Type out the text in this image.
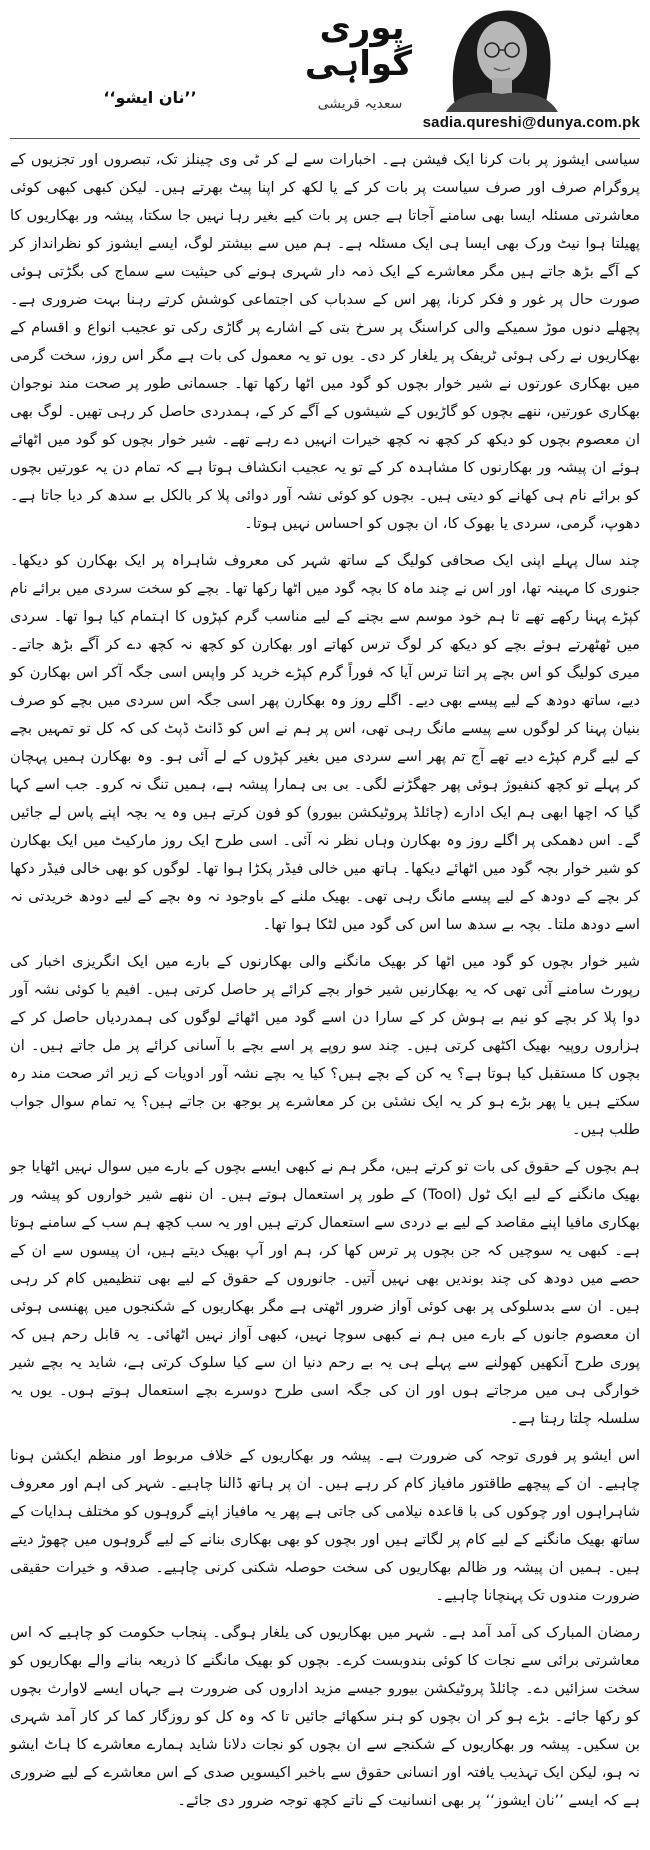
’’نان ایشو‘‘
پوری
گواہی
سعدیہ قریشی
sadia.qureshi@dunya.com.pk

سیاسی ایشوز پر بات کرنا ایک فیشن ہے۔ اخبارات سے لے کر ٹی وی چینلز تک، تبصروں اور تجزیوں کے پروگرام صرف اور صرف سیاست پر بات کر کے یا لکھ کر اپنا پیٹ بھرتے ہیں۔ لیکن کبھی کبھی کوئی معاشرتی مسئلہ ایسا بھی سامنے آجاتا ہے جس پر بات کیے بغیر رہا نہیں جا سکتا، پیشہ ور بھکاریوں کا پھیلتا ہوا نیٹ ورک بھی ایسا ہی ایک مسئلہ ہے۔ ہم میں سے بیشتر لوگ، ایسے ایشوز کو نظرانداز کر کے آگے بڑھ جاتے ہیں مگر معاشرے کے ایک ذمہ دار شہری ہونے کی حیثیت سے سماج کی بگڑتی ہوئی صورت حال پر غور و فکر کرنا، پھر اس کے سدباب کی اجتماعی کوشش کرتے رہنا بہت ضروری ہے۔ پچھلے دنوں موڑ سمیکے والی کراسنگ پر سرخ بتی کے اشارے پر گاڑی رکی تو عجیب انواع و اقسام کے بھکاریوں نے رکی ہوئی ٹریفک پر یلغار کر دی۔ یوں تو یہ معمول کی بات ہے مگر اس روز، سخت گرمی میں بھکاری عورتوں نے شیر خوار بچوں کو گود میں اٹھا رکھا تھا۔ جسمانی طور پر صحت مند نوجوان بھکاری عورتیں، ننھے بچوں کو گاڑیوں کے شیشوں کے آگے کر کے، ہمدردی حاصل کر رہی تھیں۔ لوگ بھی ان معصوم بچوں کو دیکھ کر کچھ نہ کچھ خیرات انہیں دے رہے تھے۔ شیر خوار بچوں کو گود میں اٹھائے ہوئے ان پیشہ ور بھکارنوں کا مشاہدہ کر کے تو یہ عجیب انکشاف ہوتا ہے کہ تمام دن یہ عورتیں بچوں کو برائے نام ہی کھانے کو دیتی ہیں۔ بچوں کو کوئی نشہ آور دوائی پلا کر بالکل بے سدھ کر دیا جاتا ہے۔ دھوپ، گرمی، سردی یا بھوک کا، ان بچوں کو احساس نہیں ہوتا۔

چند سال پہلے اپنی ایک صحافی کولیگ کے ساتھ شہر کی معروف شاہراہ پر ایک بھکارن کو دیکھا۔ جنوری کا مہینہ تھا، اور اس نے چند ماہ کا بچہ گود میں اٹھا رکھا تھا۔ بچے کو سخت سردی میں برائے نام کپڑے پہنا رکھے تھے تا ہم خود موسم سے بچنے کے لیے مناسب گرم کپڑوں کا اہتمام کیا ہوا تھا۔ سردی میں ٹھٹھرتے ہوئے بچے کو دیکھ کر لوگ ترس کھاتے اور بھکارن کو کچھ نہ کچھ دے کر آگے بڑھ جاتے۔ میری کولیگ کو اس بچے پر اتنا ترس آیا کہ فوراً گرم کپڑے خرید کر واپس اسی جگہ آکر اس بھکارن کو دیے، ساتھ دودھ کے لیے پیسے بھی دیے۔ اگلے روز وہ بھکارن پھر اسی جگہ اس سردی میں بچے کو صرف بنیان پہنا کر لوگوں سے پیسے مانگ رہی تھی، اس پر ہم نے اس کو ڈانٹ ڈپٹ کی کہ کل تو تمہیں بچے کے لیے گرم کپڑے دیے تھے آج تم پھر اسے سردی میں بغیر کپڑوں کے لے آئی ہو۔ وہ بھکارن ہمیں پہچان کر پہلے تو کچھ کنفیوژ ہوئی پھر جھگڑنے لگی۔ بی بی ہمارا پیشہ ہے، ہمیں تنگ نہ کرو۔ جب اسے کہا گیا کہ اچھا ابھی ہم ایک ادارے (چائلڈ پروٹیکشن بیورو) کو فون کرتے ہیں وہ یہ بچہ اپنے پاس لے جائیں گے۔ اس دھمکی پر اگلے روز وہ بھکارن وہاں نظر نہ آئی۔ اسی طرح ایک روز مارکیٹ میں ایک بھکارن کو شیر خوار بچہ گود میں اٹھائے دیکھا۔ ہاتھ میں خالی فیڈر پکڑا ہوا تھا۔ لوگوں کو بھی خالی فیڈر دکھا کر بچے کے دودھ کے لیے پیسے مانگ رہی تھی۔ بھیک ملنے کے باوجود نہ وہ بچے کے لیے دودھ خریدتی نہ اسے دودھ ملتا۔ بچہ بے سدھ سا اس کی گود میں لٹکا ہوا تھا۔

شیر خوار بچوں کو گود میں اٹھا کر بھیک مانگنے والی بھکارنوں کے بارے میں ایک انگریزی اخبار کی رپورٹ سامنے آئی تھی کہ یہ بھکارنیں شیر خوار بچے کرائے پر حاصل کرتی ہیں۔ افیم یا کوئی نشہ آور دوا پلا کر بچے کو نیم بے ہوش کر کے سارا دن اسے گود میں اٹھائے لوگوں کی ہمدردیاں حاصل کر کے ہزاروں روپیہ بھیک اکٹھی کرتی ہیں۔ چند سو روپے پر اسے بچے با آسانی کرائے پر مل جاتے ہیں۔ ان بچوں کا مستقبل کیا ہوتا ہے؟ یہ کن کے بچے ہیں؟ کیا یہ بچے نشہ آور ادویات کے زیر اثر صحت مند رہ سکتے ہیں یا پھر بڑے ہو کر یہ ایک نشئی بن کر معاشرے پر بوجھ بن جاتے ہیں؟ یہ تمام سوال جواب طلب ہیں۔

ہم بچوں کے حقوق کی بات تو کرتے ہیں، مگر ہم نے کبھی ایسے بچوں کے بارے میں سوال نہیں اٹھایا جو بھیک مانگنے کے لیے ایک ٹول (Tool) کے طور پر استعمال ہوتے ہیں۔ ان ننھے شیر خواروں کو پیشہ ور بھکاری مافیا اپنے مقاصد کے لیے بے دردی سے استعمال کرتے ہیں اور یہ سب کچھ ہم سب کے سامنے ہوتا ہے۔ کبھی یہ سوچیں کہ جن بچوں پر ترس کھا کر، ہم اور آپ بھیک دیتے ہیں، ان پیسوں سے ان کے حصے میں دودھ کی چند بوندیں بھی نہیں آتیں۔ جانوروں کے حقوق کے لیے بھی تنظیمیں کام کر رہی ہیں۔ ان سے بدسلوکی پر بھی کوئی آواز ضرور اٹھتی ہے مگر بھکاریوں کے شکنجوں میں پھنسی ہوئی ان معصوم جانوں کے بارے میں ہم نے کبھی سوچا نہیں، کبھی آواز نہیں اٹھائی۔ یہ قابل رحم ہیں کہ پوری طرح آنکھیں کھولنے سے پہلے ہی یہ بے رحم دنیا ان سے کیا سلوک کرتی ہے، شاید یہ بچے شیر خوارگی ہی میں مرجاتے ہوں اور ان کی جگہ اسی طرح دوسرے بچے استعمال ہوتے ہوں۔ یوں یہ سلسلہ چلتا رہتا ہے۔

اس ایشو پر فوری توجہ کی ضرورت ہے۔ پیشہ ور بھکاریوں کے خلاف مربوط اور منظم ایکشن ہونا چاہیے۔ ان کے پیچھے طاقتور مافیاز کام کر رہے ہیں۔ ان پر ہاتھ ڈالنا چاہیے۔ شہر کی اہم اور معروف شاہراہوں اور چوکوں کی با قاعدہ نیلامی کی جاتی ہے پھر یہ مافیاز اپنے گروہوں کو مختلف ہدایات کے ساتھ بھیک مانگنے کے لیے کام پر لگاتے ہیں اور بچوں کو بھی بھکاری بنانے کے لیے گروہوں میں چھوڑ دیتے ہیں۔ ہمیں ان پیشہ ور ظالم بھکاریوں کی سخت حوصلہ شکنی کرنی چاہیے۔ صدقہ و خیرات حقیقی ضرورت مندوں تک پہنچانا چاہیے۔

رمضان المبارک کی آمد آمد ہے۔ شہر میں بھکاریوں کی یلغار ہوگی۔ پنجاب حکومت کو چاہیے کہ اس معاشرتی برائی سے نجات کا کوئی بندوبست کرے۔ بچوں کو بھیک مانگنے کا ذریعہ بنانے والے بھکاریوں کو سخت سزائیں دے۔ چائلڈ پروٹیکشن بیورو جیسے مزید اداروں کی ضرورت ہے جہاں ایسے لاوارث بچوں کو رکھا جائے۔ بڑے ہو کر ان بچوں کو ہنر سکھائے جائیں تا کہ وہ کل کو روزگار کما کر کار آمد شہری بن سکیں۔ پیشہ ور بھکاریوں کے شکنجے سے ان بچوں کو نجات دلانا شاید ہمارے معاشرے کا ہاٹ ایشو نہ ہو، لیکن ایک تہذیب یافتہ اور انسانی حقوق سے باخبر اکیسویں صدی کے اس معاشرے کے لیے ضروری ہے کہ ایسے ’’نان ایشوز‘‘ پر بھی انسانیت کے ناتے کچھ توجہ ضرور دی جائے۔
